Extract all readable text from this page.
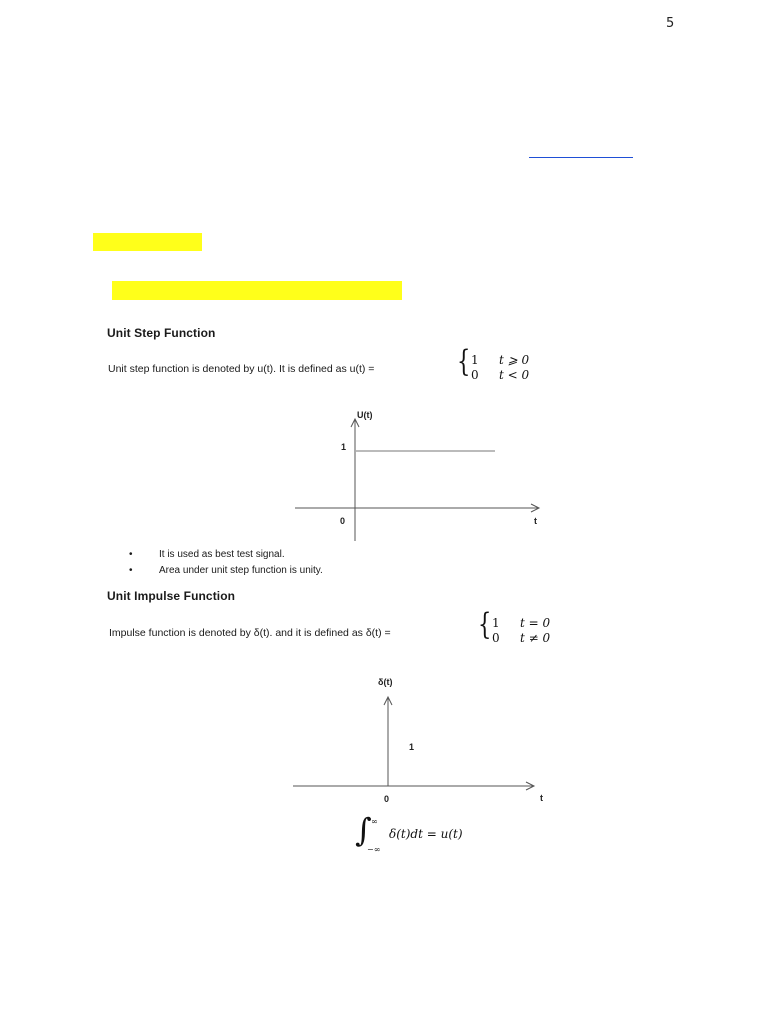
5
Unit Step Function
Unit step function is denoted by u(t). It is defined as u(t) =	{ 1 t ⩾ 0
0 t < 0
U(t)
1
0	t
δ(t)
1
0	t
•	It is used as best test signal.
•	Area under unit step function is unity.
Unit Impulse Function
Impulse function is denoted by δ(t). and it is defined as δ(t) =	{ 1 t = 0
0 t ≠ 0
∫ ∞
−∞
δ(t)dt = u(t)
